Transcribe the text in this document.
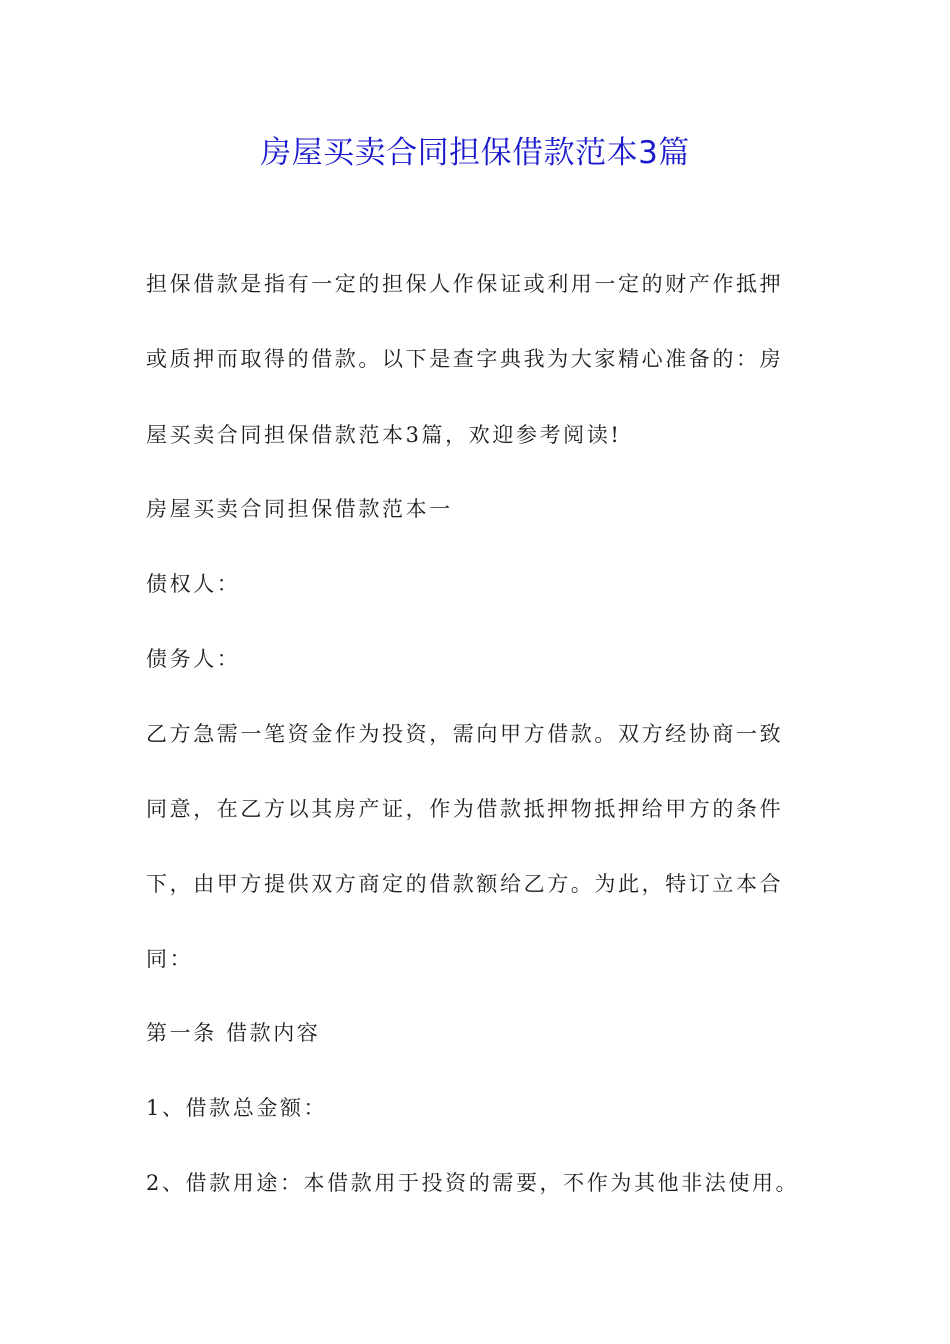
房屋买卖合同担保借款范本3篇

担保借款是指有一定的担保人作保证或利用一定的财产作抵押

或质押而取得的借款。以下是查字典我为大家精心准备的：房

屋买卖合同担保借款范本3篇，欢迎参考阅读!

房屋买卖合同担保借款范本一

债权人：

债务人：

乙方急需一笔资金作为投资，需向甲方借款。双方经协商一致

同意，在乙方以其房产证，作为借款抵押物抵押给甲方的条件

下，由甲方提供双方商定的借款额给乙方。为此，特订立本合

同：

第一条 借款内容

1、借款总金额：

2、借款用途：本借款用于投资的需要，不作为其他非法使用。
